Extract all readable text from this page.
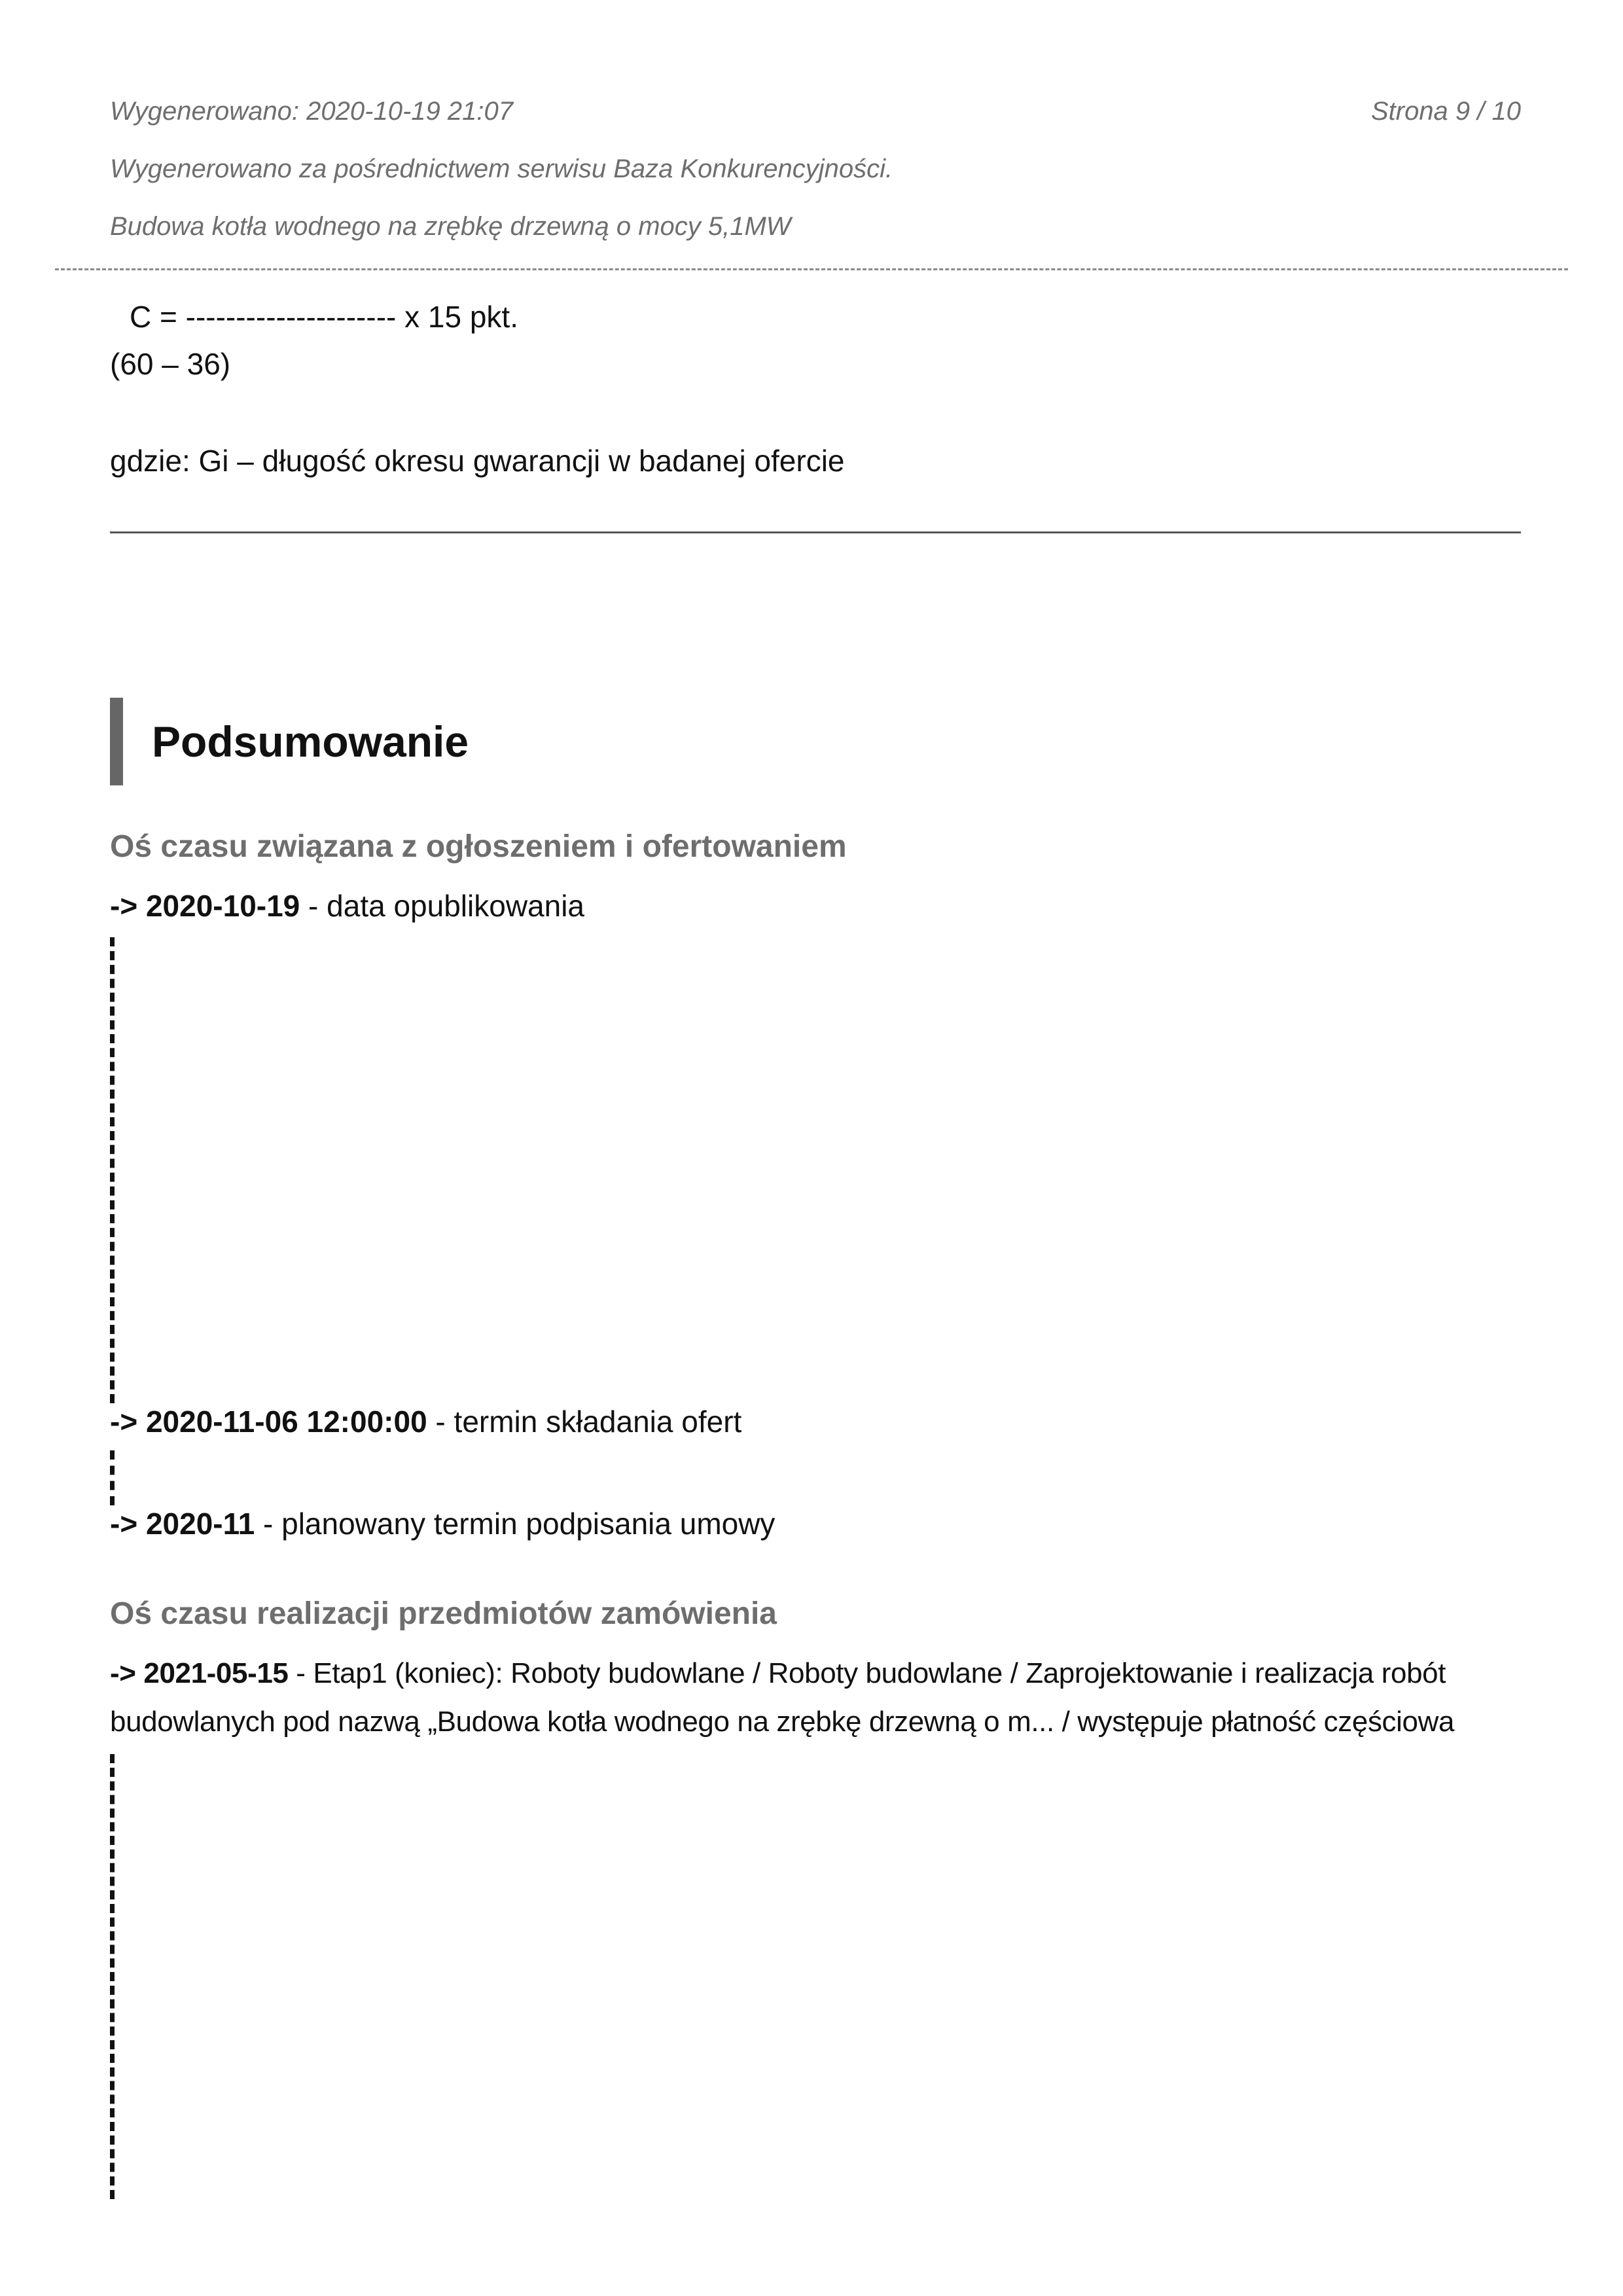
Wygenerowano: 2020-10-19 21:07	Strona 9 / 10
Wygenerowano za pośrednictwem serwisu Baza Konkurencyjności.
Budowa kotła wodnego na zrębkę drzewną o mocy 5,1MW
C = --------------------- x 15 pkt.
(60 – 36)
gdzie: Gi – długość okresu gwarancji w badanej ofercie
Podsumowanie
Oś czasu związana z ogłoszeniem i ofertowaniem
-> 2020-10-19 - data opublikowania
-> 2020-11-06 12:00:00 - termin składania ofert
-> 2020-11 - planowany termin podpisania umowy
Oś czasu realizacji przedmiotów zamówienia
-> 2021-05-15 - Etap1 (koniec): Roboty budowlane / Roboty budowlane / Zaprojektowanie i realizacja robót budowlanych pod nazwą „Budowa kotła wodnego na zrębkę drzewną o m... / występuje płatność częściowa
